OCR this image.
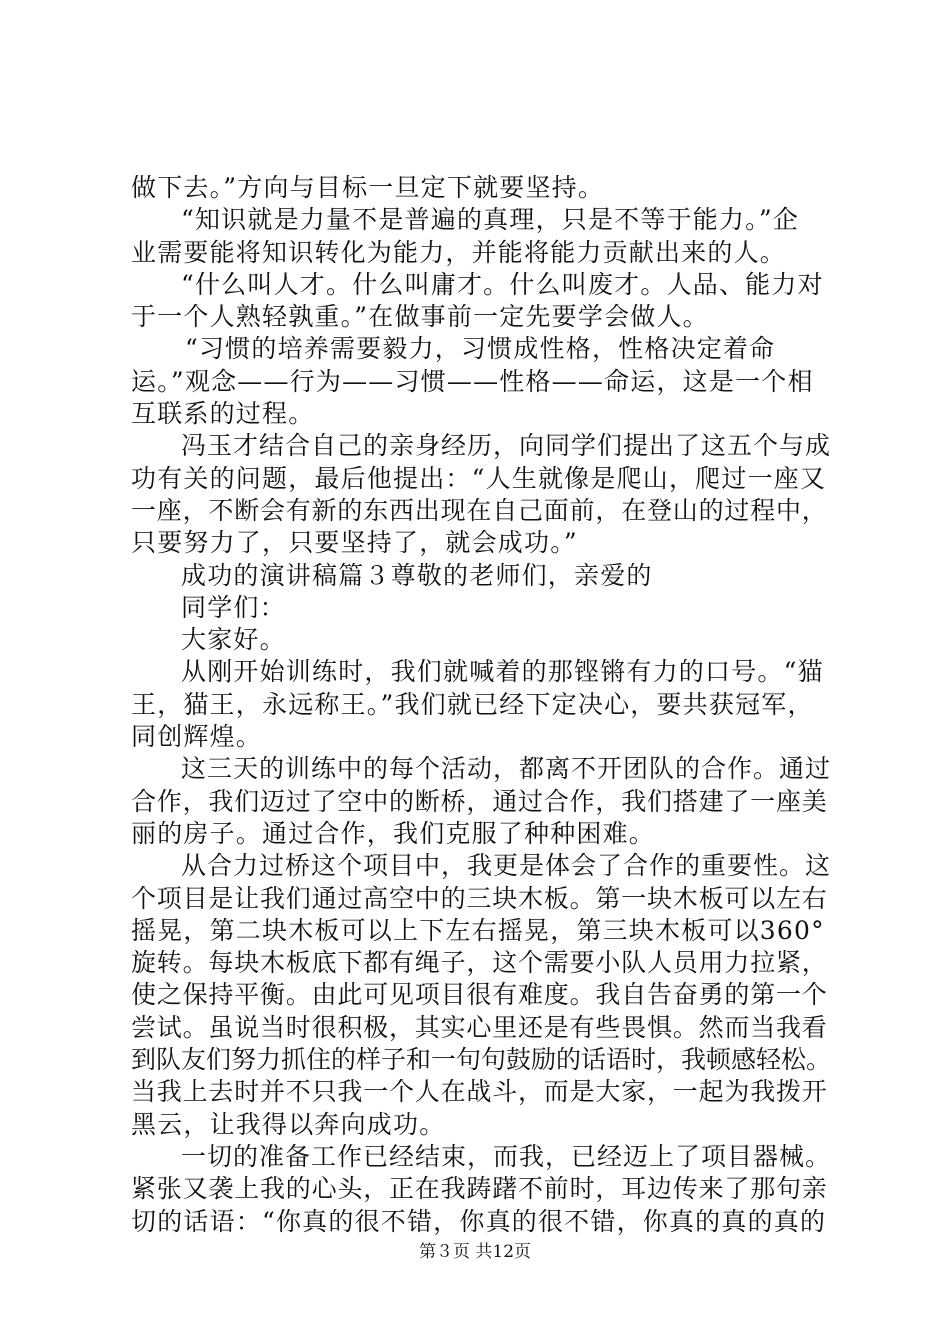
做下去。”方向与目标一旦定下就要坚持。
“知识就是力量不是普遍的真理，只是不等于能力。”企
业需要能将知识转化为能力，并能将能力贡献出来的人。
“什么叫人才。什么叫庸才。什么叫废才。人品、能力对
于一个人熟轻孰重。”在做事前一定先要学会做人。
“习惯的培养需要毅力，习惯成性格，性格决定着命
运。”观念——行为——习惯——性格——命运，这是一个相
互联系的过程。
冯玉才结合自己的亲身经历，向同学们提出了这五个与成
功有关的问题，最后他提出：“人生就像是爬山，爬过一座又
一座，不断会有新的东西出现在自己面前，在登山的过程中，
只要努力了，只要坚持了，就会成功。”
成功的演讲稿篇３尊敬的老师们，亲爱的
同学们：
大家好。
从刚开始训练时，我们就喊着的那铿锵有力的口号。“猫
王，猫王，永远称王。”我们就已经下定决心，要共获冠军，
同创辉煌。
这三天的训练中的每个活动，都离不开团队的合作。通过
合作，我们迈过了空中的断桥，通过合作，我们搭建了一座美
丽的房子。通过合作，我们克服了种种困难。
从合力过桥这个项目中，我更是体会了合作的重要性。这
个项目是让我们通过高空中的三块木板。第一块木板可以左右
摇晃，第二块木板可以上下左右摇晃，第三块木板可以360°
旋转。每块木板底下都有绳子，这个需要小队人员用力拉紧，
使之保持平衡。由此可见项目很有难度。我自告奋勇的第一个
尝试。虽说当时很积极，其实心里还是有些畏惧。然而当我看
到队友们努力抓住的样子和一句句鼓励的话语时，我顿感轻松。
当我上去时并不只我一个人在战斗，而是大家，一起为我拨开
黑云，让我得以奔向成功。
一切的准备工作已经结束，而我，已经迈上了项目器械。
紧张又袭上我的心头，正在我踌躇不前时，耳边传来了那句亲
切的话语：“你真的很不错，你真的很不错，你真的真的真的
第３页 共12页
